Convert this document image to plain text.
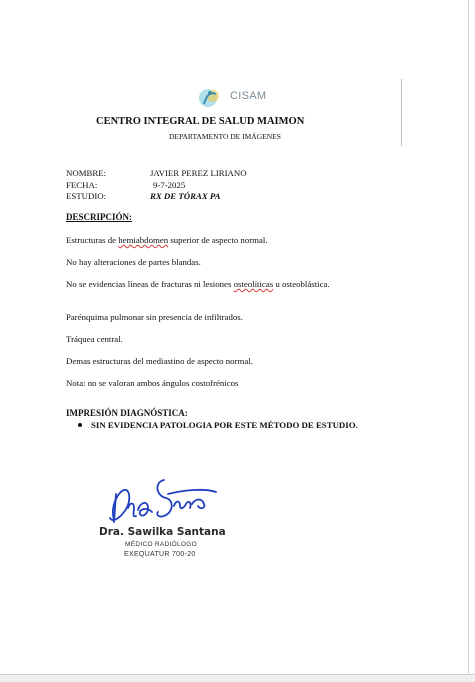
CISAM
CENTRO INTEGRAL DE SALUD MAIMON
DEPARTAMENTO DE IMÁGENES
NOMBRE:	JAVIER PEREZ LIRIANO
FECHA:	9-7-2025
ESTUDIO:	RX DE TÓRAX PA
DESCRIPCIÓN:
Estructuras de hemiabdomen superior de aspecto normal.
No hay alteraciones de partes blandas.
No se evidencias líneas de fracturas ni lesiones osteolíticas u osteoblástica.
Parénquima pulmonar sin presencia de infiltrados.
Tráquea central.
Demas estructuras del mediastino de aspecto normal.
Nota: no se valoran ambos ángulos costofrénicos
IMPRESIÓN DIAGNÓSTICA:
SIN EVIDENCIA PATOLOGIA POR ESTE MÉTODO DE ESTUDIO.
Dra. Sawilka Santana
MÉDICO RADIÓLOGO
EXEQUATUR 700-20
